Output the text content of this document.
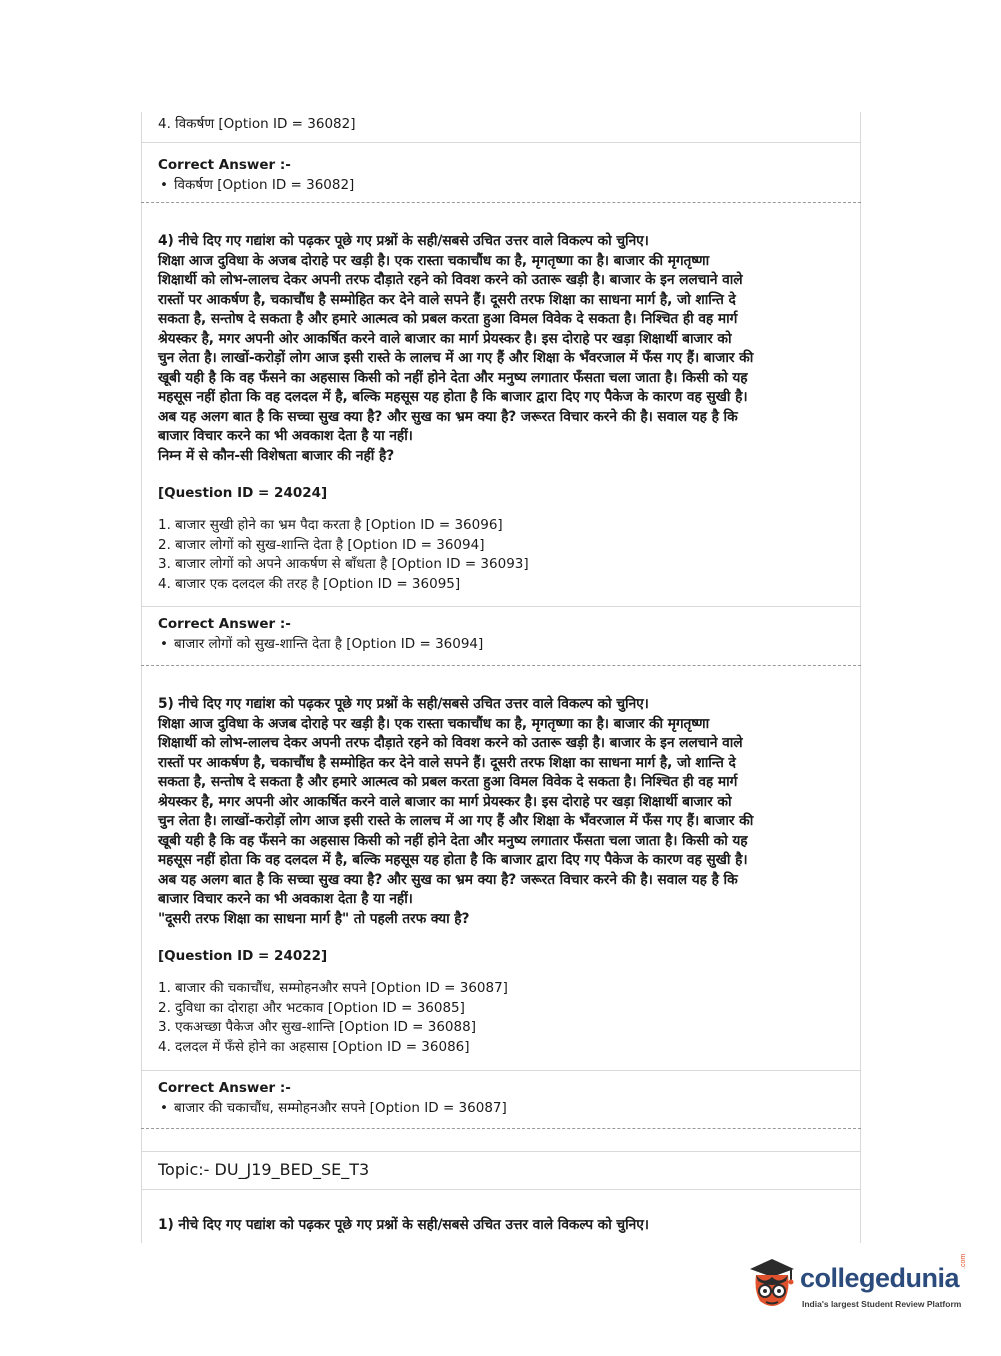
4. विकर्षण [Option ID = 36082]

Correct Answer :-

• विकर्षण [Option ID = 36082]

4) नीचे दिए गए गद्यांश को पढ़कर पूछे गए प्रश्नों के सही/सबसे उचित उत्तर वाले विकल्प को चुनिए।

शिक्षा आज दुविधा के अजब दोराहे पर खड़ी है। एक रास्ता चकाचौंध का है, मृगतृष्णा का है। बाजार की मृगतृष्णा

शिक्षार्थी को लोभ-लालच देकर अपनी तरफ दौड़ाते रहने को विवश करने को उतारू खड़ी है। बाजार के इन ललचाने वाले

रास्तों पर आकर्षण है, चकाचौंध है सम्मोहित कर देने वाले सपने हैं। दूसरी तरफ शिक्षा का साधना मार्ग है, जो शान्ति दे

सकता है, सन्तोष दे सकता है और हमारे आत्मत्व को प्रबल करता हुआ विमल विवेक दे सकता है। निश्चित ही वह मार्ग

श्रेयस्कर है, मगर अपनी ओर आकर्षित करने वाले बाजार का मार्ग प्रेयस्कर है। इस दोराहे पर खड़ा शिक्षार्थी बाजार को

चुन लेता है। लाखों-करोड़ों लोग आज इसी रास्ते के लालच में आ गए हैं और शिक्षा के भँवरजाल में फँस गए हैं। बाजार की

खूबी यही है कि वह फँसने का अहसास किसी को नहीं होने देता और मनुष्य लगातार फँसता चला जाता है। किसी को यह

महसूस नहीं होता कि वह दलदल में है, बल्कि महसूस यह होता है कि बाजार द्वारा दिए गए पैकेज के कारण वह सुखी है।

अब यह अलग बात है कि सच्चा सुख क्या है? और सुख का भ्रम क्या है? जरूरत विचार करने की है। सवाल यह है कि

बाजार विचार करने का भी अवकाश देता है या नहीं।

निम्न में से कौन-सी विशेषता बाजार की नहीं है?

[Question ID = 24024]

1. बाजार सुखी होने का भ्रम पैदा करता है [Option ID = 36096]

2. बाजार लोगों को सुख-शान्ति देता है [Option ID = 36094]

3. बाजार लोगों को अपने आकर्षण से बाँधता है [Option ID = 36093]

4. बाजार एक दलदल की तरह है [Option ID = 36095]

Correct Answer :-

• बाजार लोगों को सुख-शान्ति देता है [Option ID = 36094]

5) नीचे दिए गए गद्यांश को पढ़कर पूछे गए प्रश्नों के सही/सबसे उचित उत्तर वाले विकल्प को चुनिए।

शिक्षा आज दुविधा के अजब दोराहे पर खड़ी है। एक रास्ता चकाचौंध का है, मृगतृष्णा का है। बाजार की मृगतृष्णा

शिक्षार्थी को लोभ-लालच देकर अपनी तरफ दौड़ाते रहने को विवश करने को उतारू खड़ी है। बाजार के इन ललचाने वाले

रास्तों पर आकर्षण है, चकाचौंध है सम्मोहित कर देने वाले सपने हैं। दूसरी तरफ शिक्षा का साधना मार्ग है, जो शान्ति दे

सकता है, सन्तोष दे सकता है और हमारे आत्मत्व को प्रबल करता हुआ विमल विवेक दे सकता है। निश्चित ही वह मार्ग

श्रेयस्कर है, मगर अपनी ओर आकर्षित करने वाले बाजार का मार्ग प्रेयस्कर है। इस दोराहे पर खड़ा शिक्षार्थी बाजार को

चुन लेता है। लाखों-करोड़ों लोग आज इसी रास्ते के लालच में आ गए हैं और शिक्षा के भँवरजाल में फँस गए हैं। बाजार की

खूबी यही है कि वह फँसने का अहसास किसी को नहीं होने देता और मनुष्य लगातार फँसता चला जाता है। किसी को यह

महसूस नहीं होता कि वह दलदल में है, बल्कि महसूस यह होता है कि बाजार द्वारा दिए गए पैकेज के कारण वह सुखी है।

अब यह अलग बात है कि सच्चा सुख क्या है? और सुख का भ्रम क्या है? जरूरत विचार करने की है। सवाल यह है कि

बाजार विचार करने का भी अवकाश देता है या नहीं।

"दूसरी तरफ शिक्षा का साधना मार्ग है" तो पहली तरफ क्या है?

[Question ID = 24022]

1. बाजार की चकाचौंध, सम्मोहनऔर सपने [Option ID = 36087]

2. दुविधा का दोराहा और भटकाव [Option ID = 36085]

3. एकअच्छा पैकेज और सुख-शान्ति [Option ID = 36088]

4. दलदल में फँसे होने का अहसास [Option ID = 36086]

Correct Answer :-

• बाजार की चकाचौंध, सम्मोहनऔर सपने [Option ID = 36087]

Topic:- DU_J19_BED_SE_T3

1) नीचे दिए गए पद्यांश को पढ़कर पूछे गए प्रश्नों के सही/सबसे उचित उत्तर वाले विकल्प को चुनिए।

collegedunia
.com
India's largest Student Review Platform
